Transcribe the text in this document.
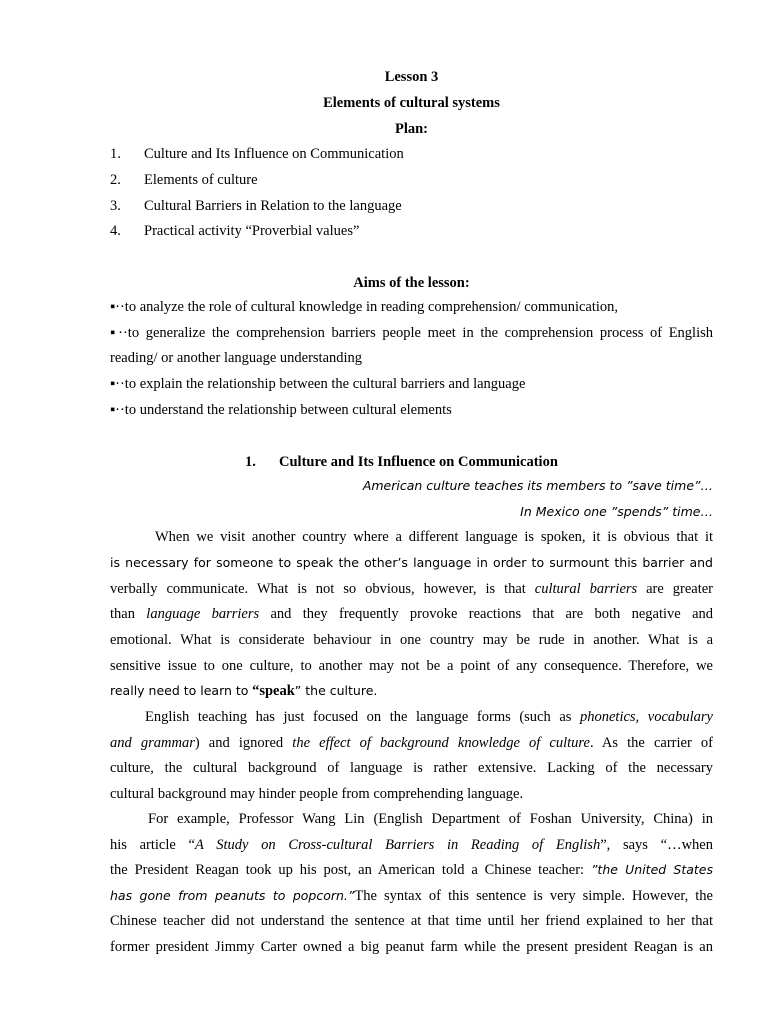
Lesson 3
Elements of cultural systems
Plan:
1. Culture and Its Influence on Communication
2. Elements of culture
3. Cultural Barriers in Relation to the language
4. Practical activity “Proverbial values”
Aims of the lesson:
▪··to analyze the role of cultural knowledge in reading comprehension/ communication,
▪··to generalize the comprehension barriers people meet in the comprehension process of English
reading/ or another language understanding
▪··to explain the relationship between the cultural barriers and language
▪··to understand the relationship between cultural elements
1. Culture and Its Influence on Communication
American culture teaches its members to ”save time”…
In Mexico one ”spends” time…
When we visit another country where a different language is spoken, it is obvious that it
is necessary for someone to speak the other’s language in order to surmount this barrier and
verbally communicate. What is not so obvious, however, is that cultural barriers are greater
than language barriers and they frequently provoke reactions that are both negative and
emotional. What is considerate behaviour in one country may be rude in another. What is a
sensitive issue to one culture, to another may not be a point of any consequence. Therefore, we
really need to learn to “speak” the culture.
English teaching has just focused on the language forms (such as phonetics, vocabulary
and grammar) and ignored the effect of background knowledge of culture. As the carrier of
culture, the cultural background of language is rather extensive. Lacking of the necessary
cultural background may hinder people from comprehending language.
For example, Professor Wang Lin (English Department of Foshan University, China) in
his article “A Study on Cross-cultural Barriers in Reading of English”, says “…when
the President Reagan took up his post, an American told a Chinese teacher: ”the United States
has gone from peanuts to popcorn.”The syntax of this sentence is very simple. However, the
Chinese teacher did not understand the sentence at that time until her friend explained to her that
former president Jimmy Carter owned a big peanut farm while the present president Reagan is an
